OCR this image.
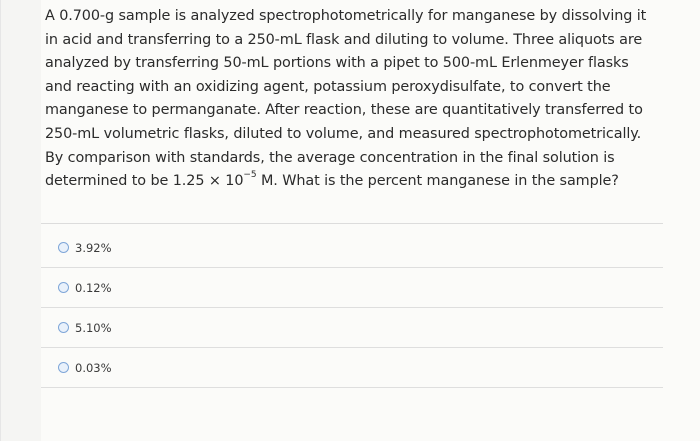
A 0.700-g sample is analyzed spectrophotometrically for manganese by dissolving it
in acid and transferring to a 250-mL flask and diluting to volume. Three aliquots are
analyzed by transferring 50-mL portions with a pipet to 500-mL Erlenmeyer flasks
and reacting with an oxidizing agent, potassium peroxydisulfate, to convert the
manganese to permanganate. After reaction, these are quantitatively transferred to
250-mL volumetric flasks, diluted to volume, and measured spectrophotometrically.
By comparison with standards, the average concentration in the final solution is
determined to be $1.25 \times 10^{-5}$ M. What is the percent manganese in the sample?
3.92%
0.12%
5.10%
0.03%
